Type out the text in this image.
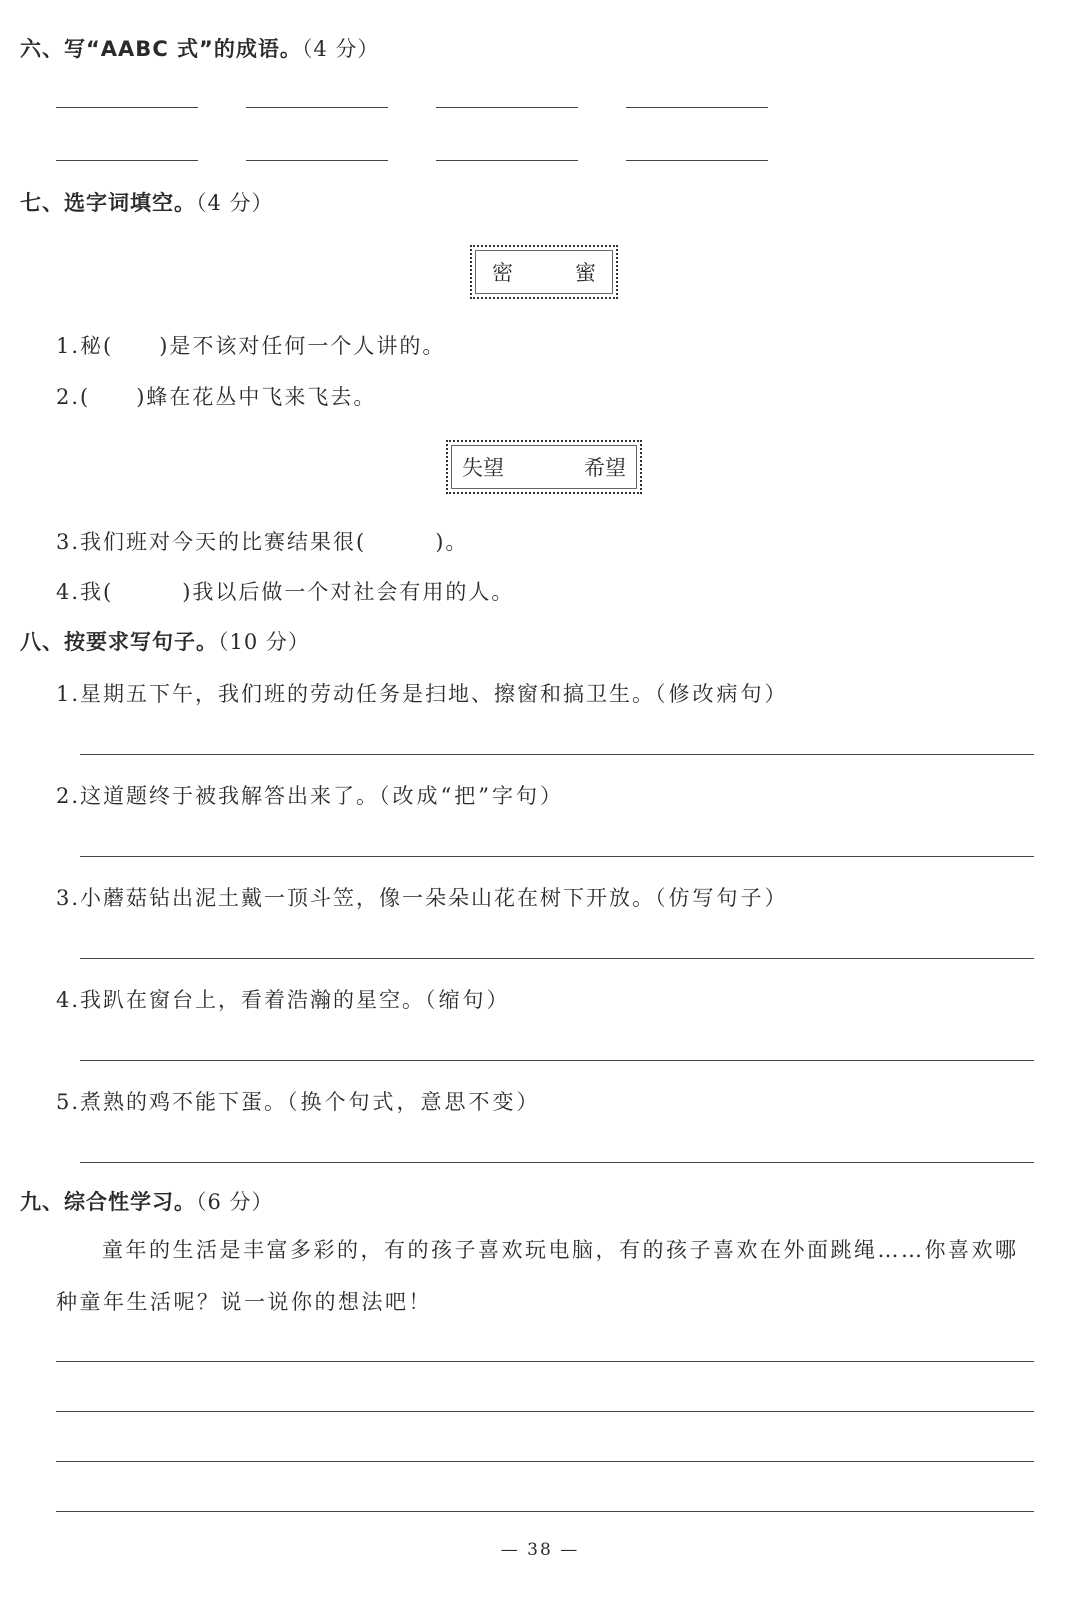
六、写“AABC 式”的成语。（4 分）
七、选字词填空。（4 分）
密	蜜
1.秘(　　)是不该对任何一个人讲的。
2.(　　)蜂在花丛中飞来飞去。
失望	希望
3.我们班对今天的比赛结果很(　　　)。
4.我(　　　)我以后做一个对社会有用的人。
八、按要求写句子。（10 分）
1.星期五下午，我们班的劳动任务是扫地、擦窗和搞卫生。（修改病句）
2.这道题终于被我解答出来了。（改成“把”字句）
3.小蘑菇钻出泥土戴一顶斗笠，像一朵朵山花在树下开放。（仿写句子）
4.我趴在窗台上，看着浩瀚的星空。（缩句）
5.煮熟的鸡不能下蛋。（换个句式，意思不变）
九、综合性学习。（6 分）
童年的生活是丰富多彩的，有的孩子喜欢玩电脑，有的孩子喜欢在外面跳绳……你喜欢哪种童年生活呢？说一说你的想法吧！
— 38 —
